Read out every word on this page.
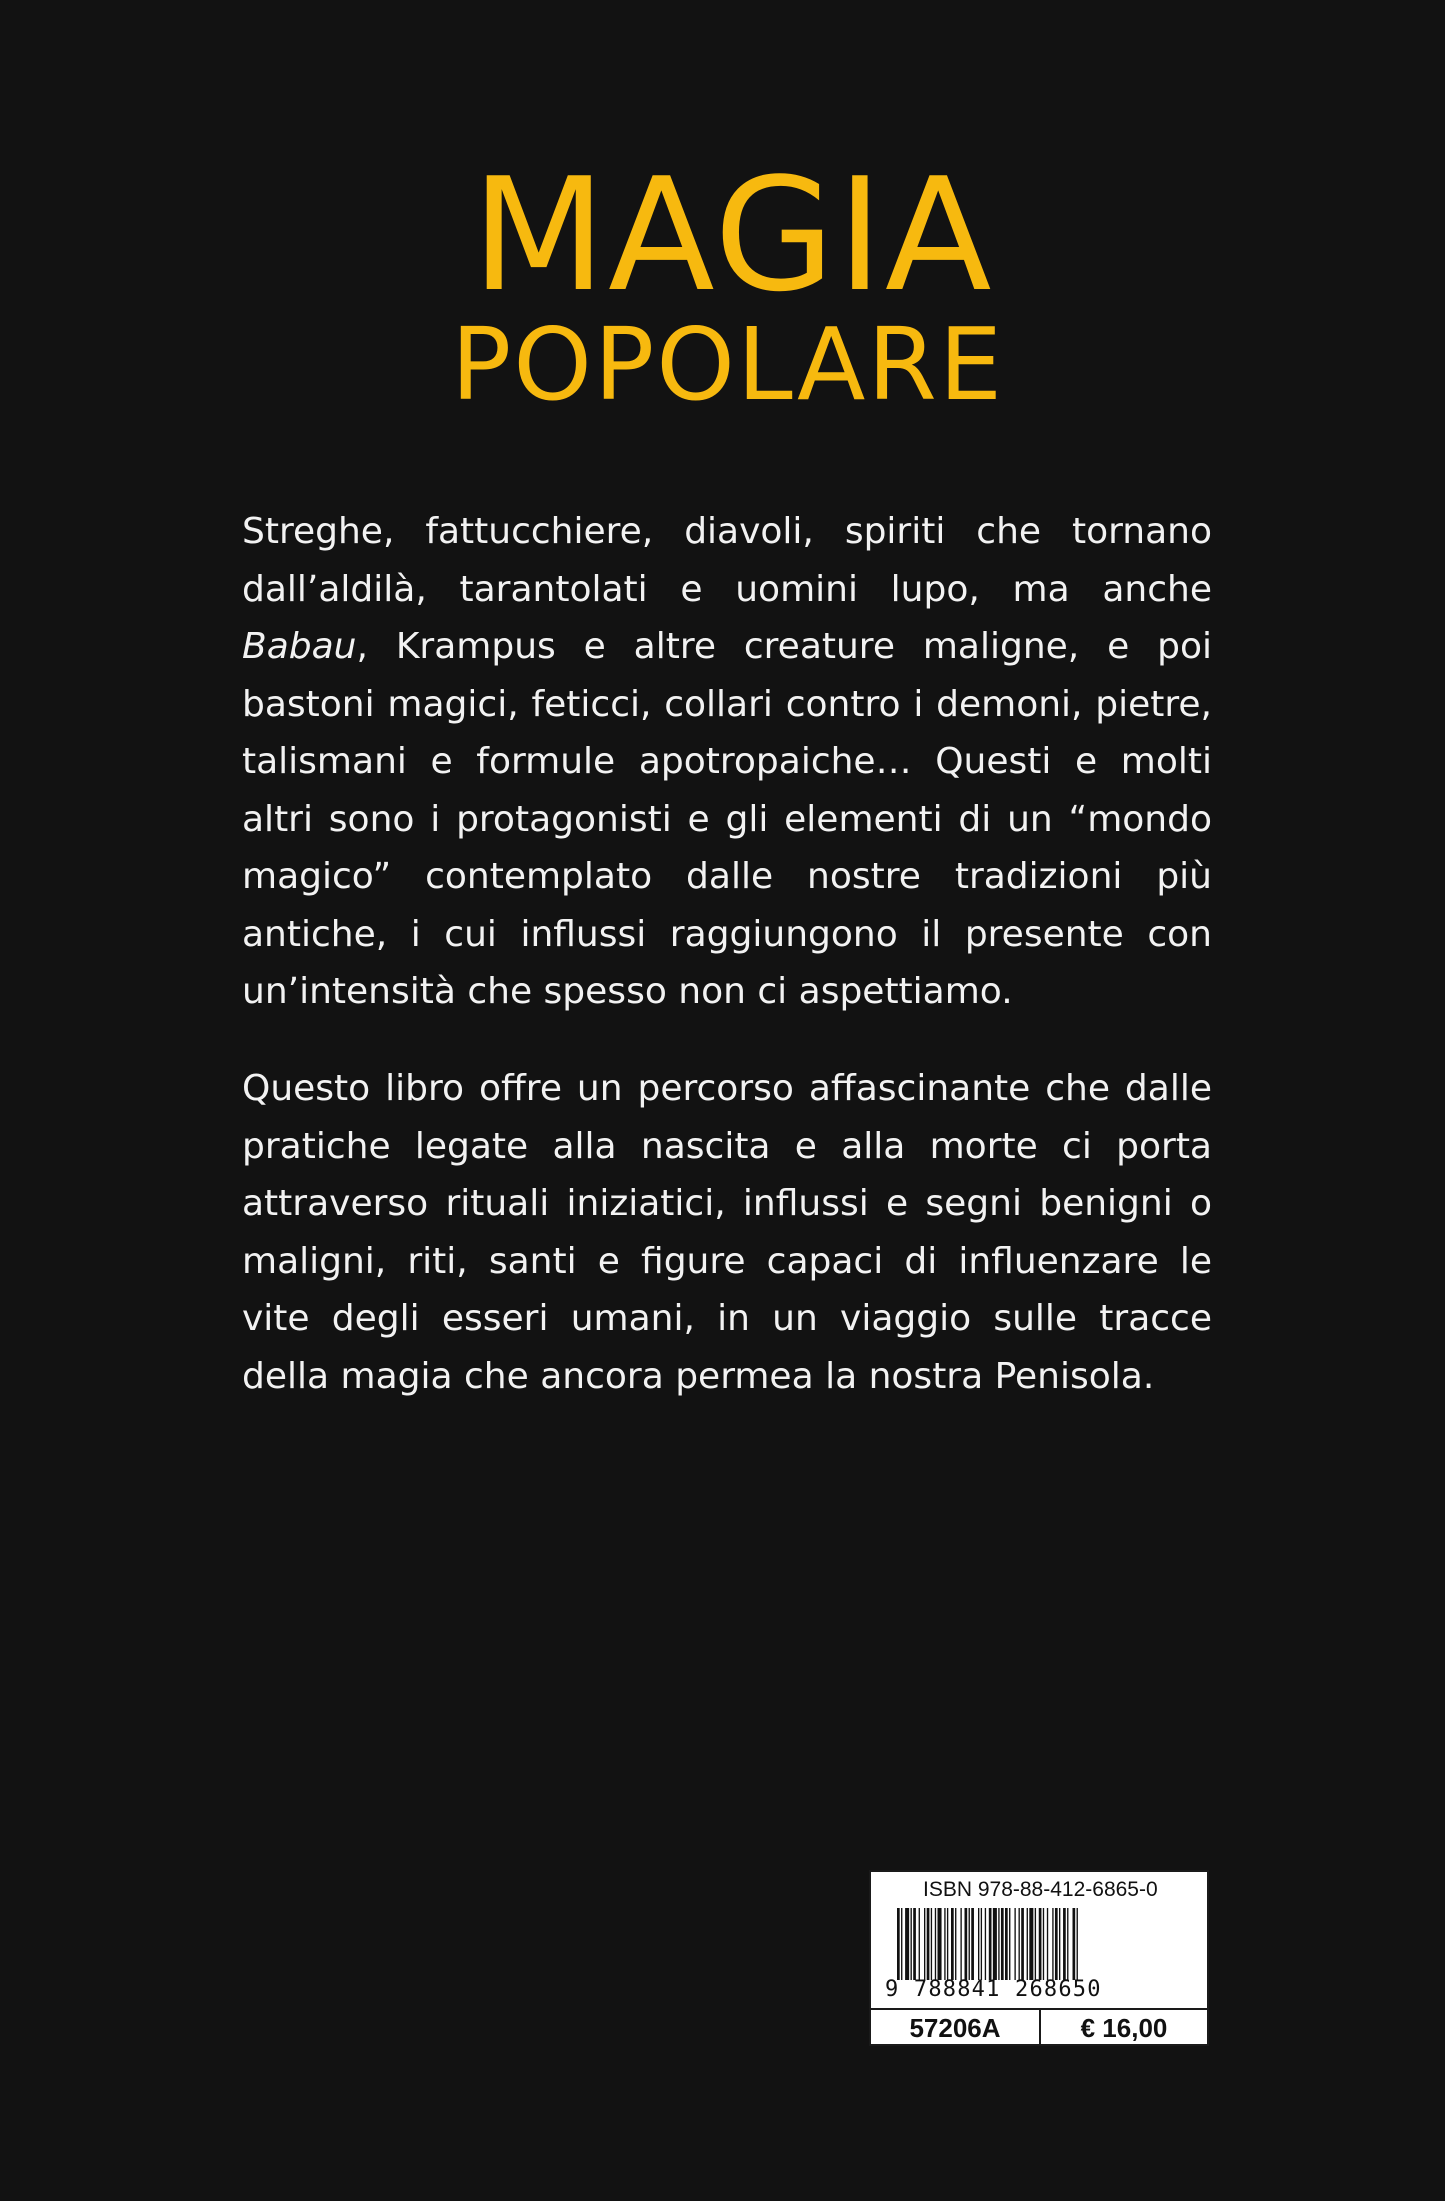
MAGIA
POPOLARE

Streghe, fattucchiere, diavoli, spiriti che tornano dall’aldilà, tarantolati e uomini lupo, ma anche Babau, Krampus e altre creature maligne, e poi bastoni magici, feticci, collari contro i demoni, pietre, talismani e formule apotropaiche… Questi e molti altri sono i protagonisti e gli elementi di un “mondo magico” contemplato dalle nostre tradizioni più antiche, i cui influssi raggiungono il presente con un’intensità che spesso non ci aspettiamo.

Questo libro offre un percorso affascinante che dalle pratiche legate alla nascita e alla morte ci porta attraverso rituali iniziatici, influssi e segni benigni o maligni, riti, santi e figure capaci di influenzare le vite degli esseri umani, in un viaggio sulle tracce della magia che ancora permea la nostra Penisola.

ISBN 978-88-412-6865-0
9 788841 268650
57206A	€ 16,00
